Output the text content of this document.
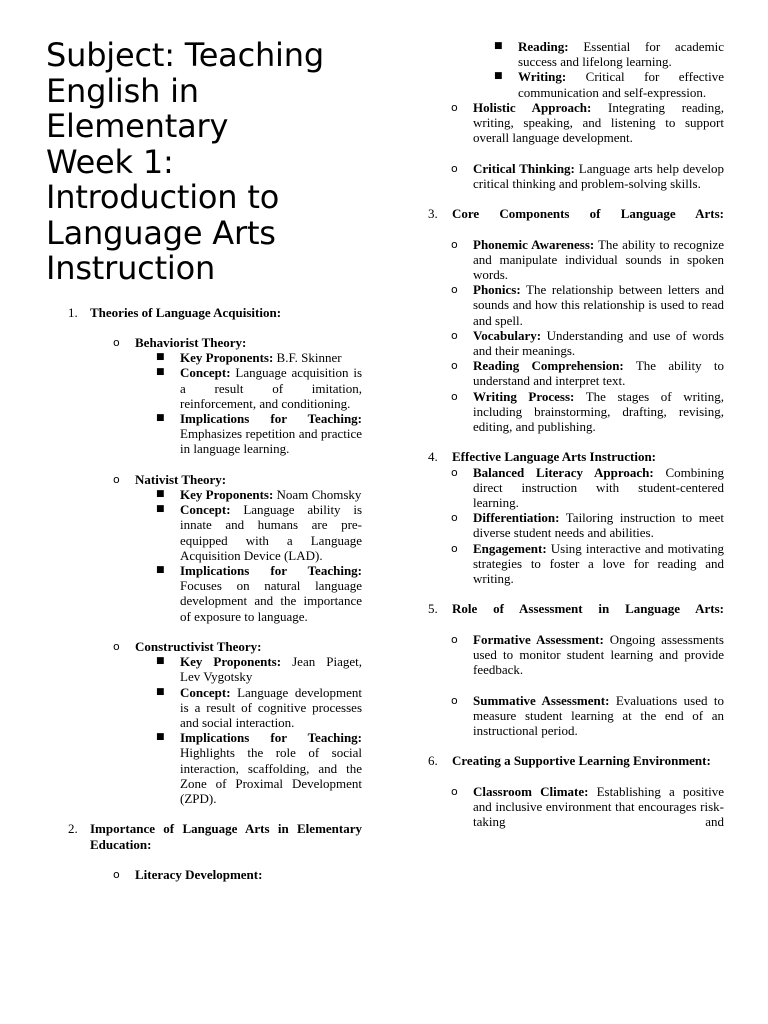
Subject: Teaching
English in
Elementary
Week 1:
Introduction to
Language Arts
Instruction
1. Theories of Language Acquisition:

o Behaviorist Theory:

■ Key Proponents: B.F. Skinner

■ Concept: Language acquisition is a result of imitation, reinforcement, and conditioning.

■ Implications for Teaching: Emphasizes repetition and practice in language learning.

o Nativist Theory:

■ Key Proponents: Noam Chomsky

■ Concept: Language ability is innate and humans are pre-equipped with a Language Acquisition Device (LAD).

■ Implications for Teaching: Focuses on natural language development and the importance of exposure to language.

o Constructivist Theory:

■ Key Proponents: Jean Piaget, Lev Vygotsky

■ Concept: Language development is a result of cognitive processes and social interaction.

■ Implications for Teaching: Highlights the role of social interaction, scaffolding, and the Zone of Proximal Development (ZPD).

2. Importance of Language Arts in Elementary Education:

o Literacy Development:

■ Reading: Essential for academic success and lifelong learning.

■ Writing: Critical for effective communication and self-expression.

o Holistic Approach: Integrating reading, writing, speaking, and listening to support overall language development.

o Critical Thinking: Language arts help develop critical thinking and problem-solving skills.

3. Core Components of Language Arts:

o Phonemic Awareness: The ability to recognize and manipulate individual sounds in spoken words.

o Phonics: The relationship between letters and sounds and how this relationship is used to read and spell.

o Vocabulary: Understanding and use of words and their meanings.

o Reading Comprehension: The ability to understand and interpret text.

o Writing Process: The stages of writing, including brainstorming, drafting, revising, editing, and publishing.

4. Effective Language Arts Instruction:

o Balanced Literacy Approach: Combining direct instruction with student-centered learning.

o Differentiation: Tailoring instruction to meet diverse student needs and abilities.

o Engagement: Using interactive and motivating strategies to foster a love for reading and writing.

5. Role of Assessment in Language Arts:

o Formative Assessment: Ongoing assessments used to monitor student learning and provide feedback.

o Summative Assessment: Evaluations used to measure student learning at the end of an instructional period.

6. Creating a Supportive Learning Environment:

o Classroom Climate: Establishing a positive and inclusive environment that encourages risk-taking and
